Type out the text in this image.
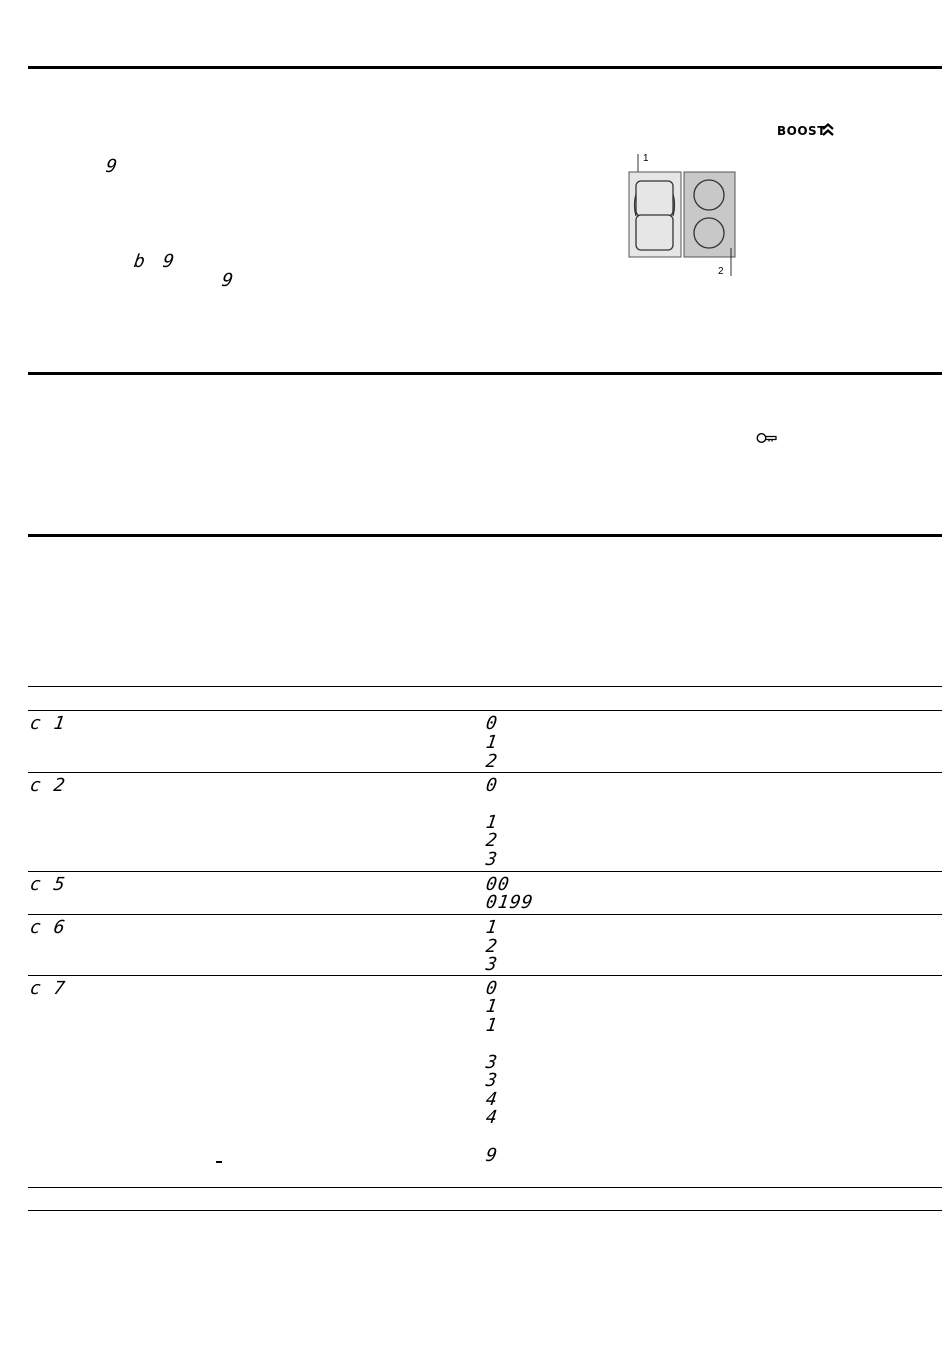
9
b 9
9
BOOST
1
2
c 1	0
1
2
c 2	0
1
2
3
c 5	00
0199
c 6	1
2
3
c 7	0
1
1
3
3
4
4
9
